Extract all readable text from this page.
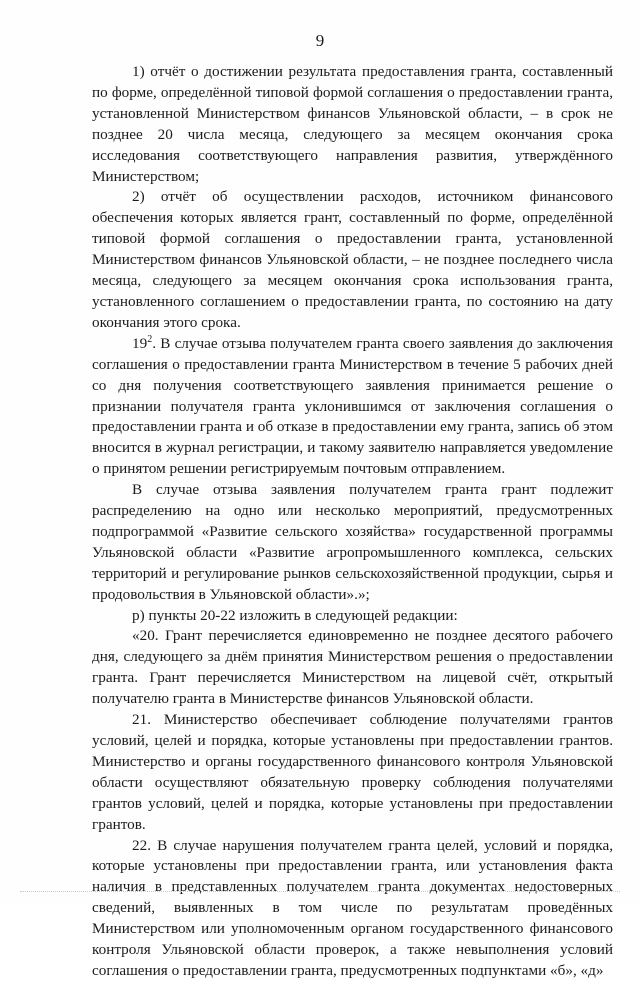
9

1) отчёт о достижении результата предоставления гранта, составленный по форме, определённой типовой формой соглашения о предоставлении гранта, установленной Министерством финансов Ульяновской области, – в срок не позднее 20 числа месяца, следующего за месяцем окончания срока исследования соответствующего направления развития, утверждённого Министерством;

2) отчёт об осуществлении расходов, источником финансового обеспечения которых является грант, составленный по форме, определённой типовой формой соглашения о предоставлении гранта, установленной Министерством финансов Ульяновской области, – не позднее последнего числа месяца, следующего за месяцем окончания срока использования гранта, установленного соглашением о предоставлении гранта, по состоянию на дату окончания этого срока.

$19^2$. В случае отзыва получателем гранта своего заявления до заключения соглашения о предоставлении гранта Министерством в течение 5 рабочих дней со дня получения соответствующего заявления принимается решение о признании получателя гранта уклонившимся от заключения соглашения о предоставлении гранта и об отказе в предоставлении ему гранта, запись об этом вносится в журнал регистрации, и такому заявителю направляется уведомление о принятом решении регистрируемым почтовым отправлением.

В случае отзыва заявления получателем гранта грант подлежит распределению на одно или несколько мероприятий, предусмотренных подпрограммой «Развитие сельского хозяйства» государственной программы Ульяновской области «Развитие агропромышленного комплекса, сельских территорий и регулирование рынков сельскохозяйственной продукции, сырья и продовольствия в Ульяновской области».»;

р) пункты 20-22 изложить в следующей редакции:

«20. Грант перечисляется единовременно не позднее десятого рабочего дня, следующего за днём принятия Министерством решения о предоставлении гранта. Грант перечисляется Министерством на лицевой счёт, открытый получателю гранта в Министерстве финансов Ульяновской области.

21. Министерство обеспечивает соблюдение получателями грантов условий, целей и порядка, которые установлены при предоставлении грантов. Министерство и органы государственного финансового контроля Ульяновской области осуществляют обязательную проверку соблюдения получателями грантов условий, целей и порядка, которые установлены при предоставлении грантов.

22. В случае нарушения получателем гранта целей, условий и порядка, которые установлены при предоставлении гранта, или установления факта наличия в представленных получателем гранта документах недостоверных сведений, выявленных в том числе по результатам проведённых Министерством или уполномоченным органом государственного финансового контроля Ульяновской области проверок, а также невыполнения условий соглашения о предоставлении гранта, предусмотренных подпунктами «б», «д»
